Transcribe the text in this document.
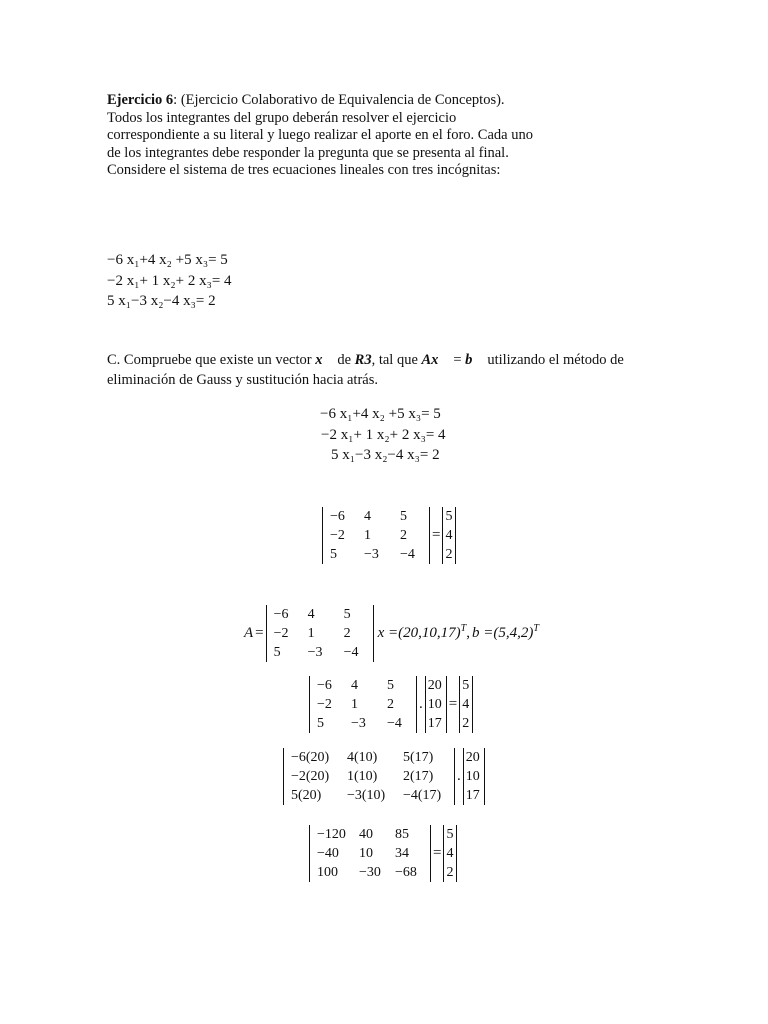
Ejercicio 6: (Ejercicio Colaborativo de Equivalencia de Conceptos).

Todos los integrantes del grupo deberán resolver el ejercicio correspondiente a su literal y luego realizar el aporte en el foro. Cada uno de los integrantes debe responder la pregunta que se presenta al final.

Considere el sistema de tres ecuaciones lineales con tres incógnitas:

−6 x₁+4 x₂ +5 x₃= 5
−2 x₁+ 1 x₂+ 2 x₃= 4
5 x₁−3 x₂−4 x₃= 2
C. Compruebe que existe un vector x⃗ de R3, tal que Ax⃗ = b⃗ utilizando el método de eliminación de Gauss y sustitución hacia atrás.
−6 x₁+4 x₂ +5 x₃= 5
−2 x₁+ 1 x₂+ 2 x₃= 4
5 x₁−3 x₂−4 x₃= 2
−6	4	5
−2	1	2
5	−3	−4
=
5
4
2
A =
−6	4	5
−2	1	2
5	−3	−4
$x =(20,10,17)^T$, $b =(5,4,2)^T$
−6	4	5
−2	1	2
5	−3	−4
.
20
10
17
=
5
4
2
−6(20)	4(10)	5(17)
−2(20)	1(10)	2(17)
5(20)	−3(10)	−4(17)
.
20
10
17
−120 40	85
−40	10	34
100	−30	−68
=
5
4
2
